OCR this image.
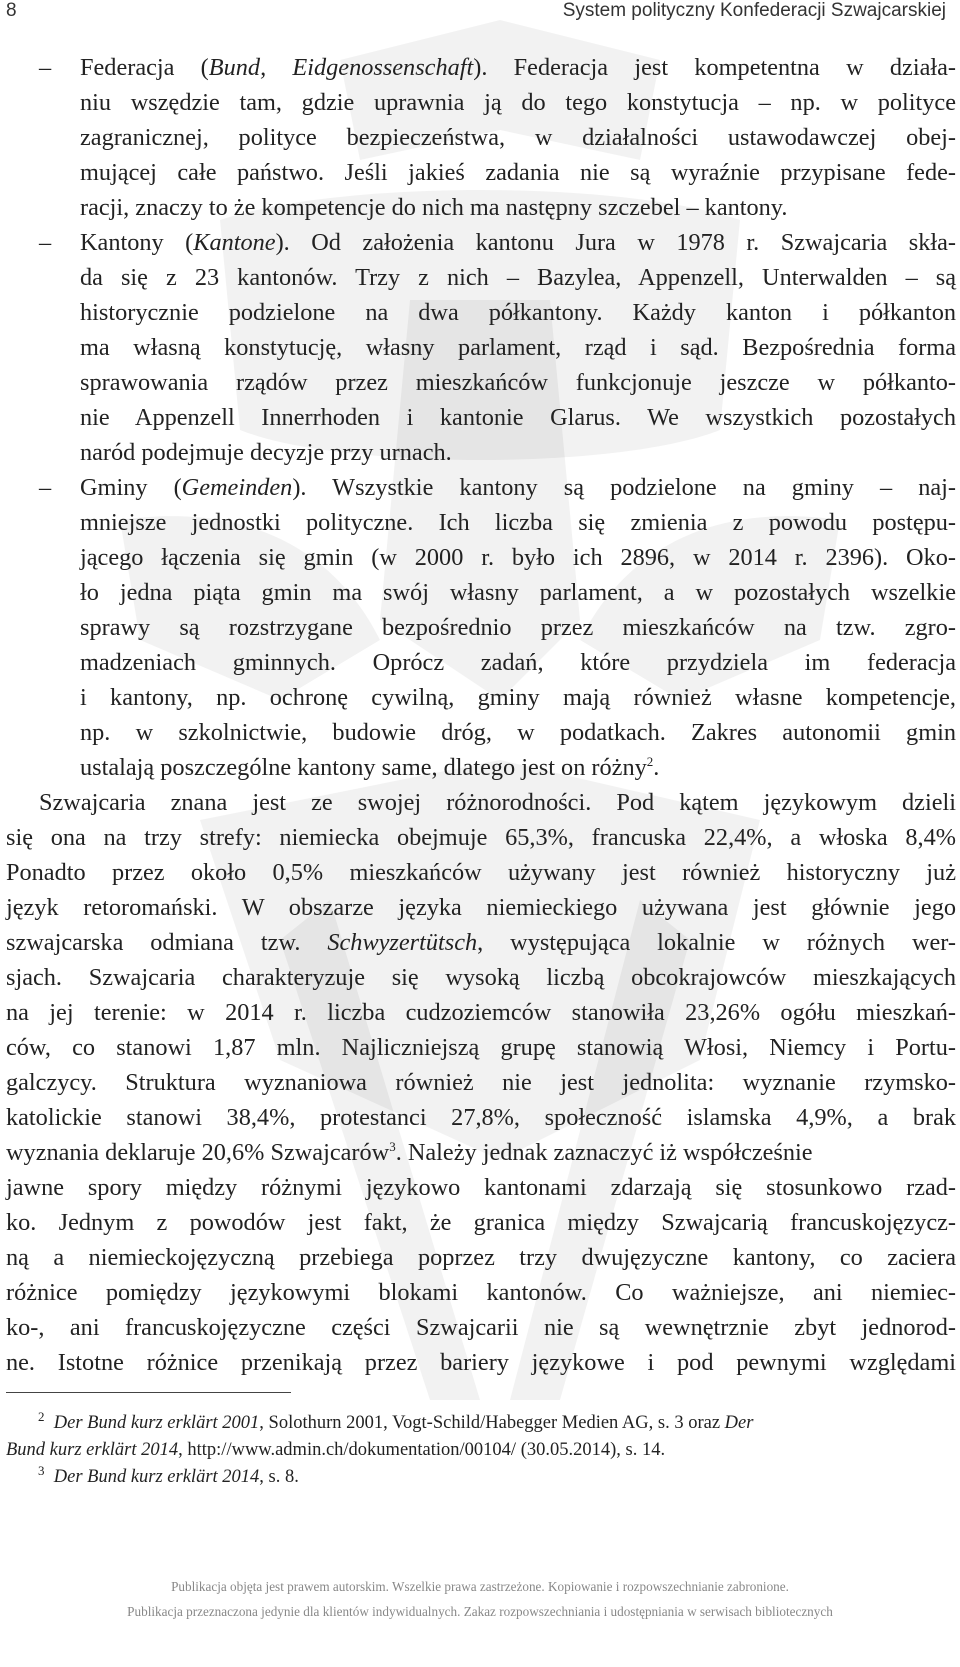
8	System polityczny Konfederacji Szwajcarskiej
– Federacja (Bund, Eidgenossenschaft). Federacja jest kompetentna w działa-
niu wszędzie tam, gdzie uprawnia ją do tego konstytucja – np. w polityce
zagranicznej, polityce bezpieczeństwa, w działalności ustawodawczej obej-
mującej całe państwo. Jeśli jakieś zadania nie są wyraźnie przypisane fede-
racji, znaczy to że kompetencje do nich ma następny szczebel – kantony.
– Kantony (Kantone). Od założenia kantonu Jura w 1978 r. Szwajcaria skła-
da się z 23 kantonów. Trzy z nich – Bazylea, Appenzell, Unterwalden – są
historycznie podzielone na dwa półkantony. Każdy kanton i półkanton
ma własną konstytucję, własny parlament, rząd i sąd. Bezpośrednia forma
sprawowania rządów przez mieszkańców funkcjonuje jeszcze w półkanto-
nie Appenzell Innerrhoden i kantonie Glarus. We wszystkich pozostałych
naród podejmuje decyzje przy urnach.
– Gminy (Gemeinden). Wszystkie kantony są podzielone na gminy – naj-
mniejsze jednostki polityczne. Ich liczba się zmienia z powodu postępu-
jącego łączenia się gmin (w 2000 r. było ich 2896, w 2014 r. 2396). Oko-
ło jedna piąta gmin ma swój własny parlament, a w pozostałych wszelkie
sprawy są rozstrzygane bezpośrednio przez mieszkańców na tzw. zgro-
madzeniach gminnych. Oprócz zadań, które przydziela im federacja
i kantony, np. ochronę cywilną, gminy mają również własne kompetencje,
np. w szkolnictwie, budowie dróg, w podatkach. Zakres autonomii gmin
ustalają poszczególne kantony same, dlatego jest on różny$^2$.
Szwajcaria znana jest ze swojej różnorodności. Pod kątem językowym dzieli
się ona na trzy strefy: niemiecka obejmuje 65,3%, francuska 22,4%, a włoska 8,4%
Ponadto przez około 0,5% mieszkańców używany jest również historyczny już
język retoromański. W obszarze języka niemieckiego używana jest głównie jego
szwajcarska odmiana tzw. Schwyzertütsch, występująca lokalnie w różnych wer-
sjach. Szwajcaria charakteryzuje się wysoką liczbą obcokrajowców mieszkających
na jej terenie: w 2014 r. liczba cudzoziemców stanowiła 23,26% ogółu mieszkań-
ców, co stanowi 1,87 mln. Najliczniejszą grupę stanowią Włosi, Niemcy i Portu-
galczycy. Struktura wyznaniowa również nie jest jednolita: wyznanie rzymsko-
katolickie stanowi 38,4%, protestanci 27,8%, społeczność islamska 4,9%, a brak
wyznania deklaruje 20,6% Szwajcarów$^3$. Należy jednak zaznaczyć iż współcześnie
jawne spory między różnymi językowo kantonami zdarzają się stosunkowo rzad-
ko. Jednym z powodów jest fakt, że granica między Szwajcarią francuskojęzycz-
ną a niemieckojęzyczną przebiega poprzez trzy dwujęzyczne kantony, co zaciera
różnice pomiędzy językowymi blokami kantonów. Co ważniejsze, ani niemiec-
ko-, ani francuskojęzyczne części Szwajcarii nie są wewnętrznie zbyt jednorod-
ne. Istotne różnice przenikają przez bariery językowe i pod pewnymi względami
$^2$ Der Bund kurz erklärt 2001, Solothurn 2001, Vogt-Schild/Habegger Medien AG, s. 3 oraz Der
Bund kurz erklärt 2014, http://www.admin.ch/dokumentation/00104/ (30.05.2014), s. 14.
$^3$ Der Bund kurz erklärt 2014, s. 8.
Publikacja objęta jest prawem autorskim. Wszelkie prawa zastrzeżone. Kopiowanie i rozpowszechnianie zabronione.
Publikacja przeznaczona jedynie dla klientów indywidualnych. Zakaz rozpowszechniania i udostępniania w serwisach bibliotecznych
